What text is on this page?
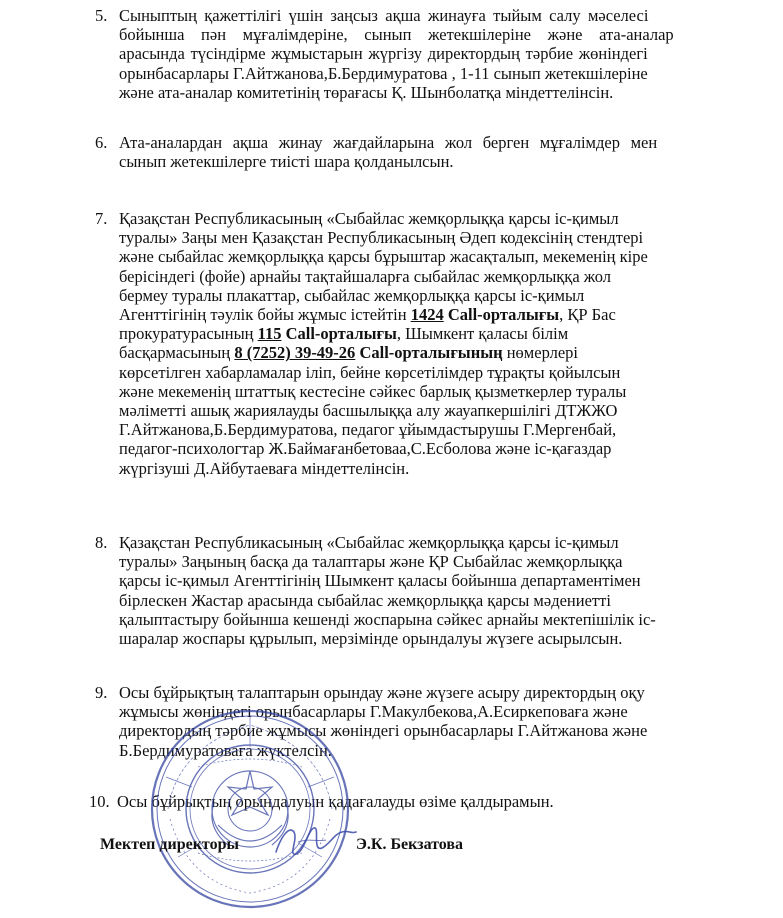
5. Сыныптың қажеттілігі үшін заңсыз ақша жинауға тыйым салу мәселесі
бойынша пән мұғалімдеріне, сынып жетекшілеріне және ата-аналар
арасында түсіндірме жұмыстарын жүргізу директордың тәрбие жөніндегі
орынбасарлары Г.Айтжанова,Б.Бердимуратова , 1-11 сынып жетекшілеріне
және ата-аналар комитетінің төрағасы Қ. Шынболатқа міндеттелінсін.
6. Ата-аналардан ақша жинау жағдайларына жол берген мұғалімдер мен
сынып жетекшілерге тиісті шара қолданылсын.
7. Қазақстан Республикасының «Сыбайлас жемқорлыққа қарсы іс-қимыл
туралы» Заңы мен Қазақстан Республикасының Әдеп кодексінің стендтері
және сыбайлас жемқорлыққа қарсы бұрыштар жасақталып, мекеменің кіре
берісіндегі (фойе) арнайы тақтайшаларға сыбайлас жемқорлыққа жол
бермеу туралы плакаттар, сыбайлас жемқорлыққа қарсы іс-қимыл
Агенттігінің тәулік бойы жұмыс істейтін 1424 Call-орталығы, ҚР Бас
прокуратурасының 115 Call-орталығы, Шымкент қаласы білім
басқармасының 8 (7252) 39-49-26 Call-орталығының нөмерлері
көрсетілген хабарламалар іліп, бейне көрсетілімдер тұрақты қойылсын
және мекеменің штаттық кестесіне сәйкес барлық қызметкерлер туралы
мәліметті ашық жариялауды басшылыққа алу жауапкершілігі ДТЖЖО
Г.Айтжанова,Б.Бердимуратова, педагог ұйымдастырушы Г.Мергенбай,
педагог-психологтар Ж.Баймағанбетоваа,С.Есболова және іс-қағаздар
жүргізуші Д.Айбутаеваға міндеттелінсін.
8. Қазақстан Республикасының «Сыбайлас жемқорлыққа қарсы іс-қимыл
туралы» Заңының басқа да талаптары және ҚР Сыбайлас жемқорлыққа
қарсы іс-қимыл Агенттігінің Шымкент қаласы бойынша департаментімен
бірлескен Жастар арасында сыбайлас жемқорлыққа қарсы мәдениетті
қалыптастыру бойынша кешенді жоспарына сәйкес арнайы мектепішілік іс-
шаралар жоспары құрылып, мерзімінде орындалуы жүзеге асырылсын.
9. Осы бұйрықтың талаптарын орындау және жүзеге асыру директордың оқу
жұмысы жөніндегі орынбасарлары Г.Макулбекова,А.Есиркеповаға және
директордың тәрбие жұмысы жөніндегі орынбасарлары Г.Айтжанова және
Б.Бердимуратоваға жүктелсін.
10. Осы бұйрықтың орындалуын қадағалауды өзіме қалдырамын.
Мектеп директоры	Э.К. Бекзатова
